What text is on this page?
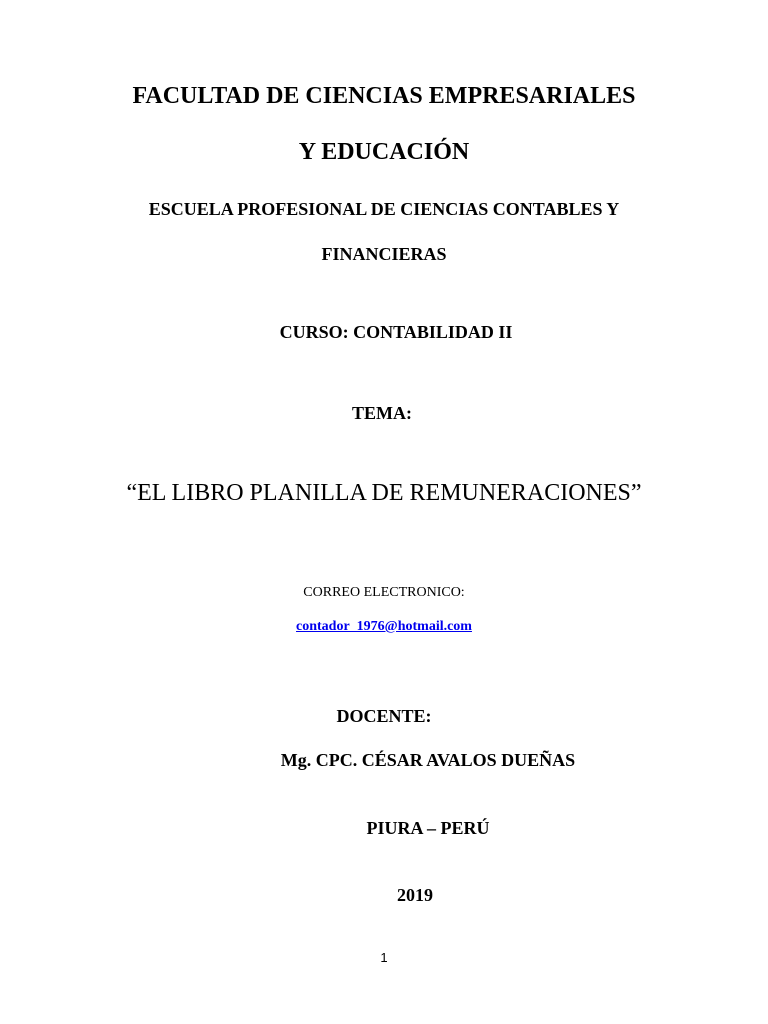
FACULTAD DE CIENCIAS EMPRESARIALES
Y EDUCACIÓN
ESCUELA PROFESIONAL DE CIENCIAS CONTABLES Y
FINANCIERAS
CURSO: CONTABILIDAD II
TEMA:
“EL LIBRO PLANILLA DE REMUNERACIONES”
CORREO ELECTRONICO:
contador_1976@hotmail.com
DOCENTE:
Mg. CPC. CÉSAR AVALOS DUEÑAS
PIURA – PERÚ
2019
1
